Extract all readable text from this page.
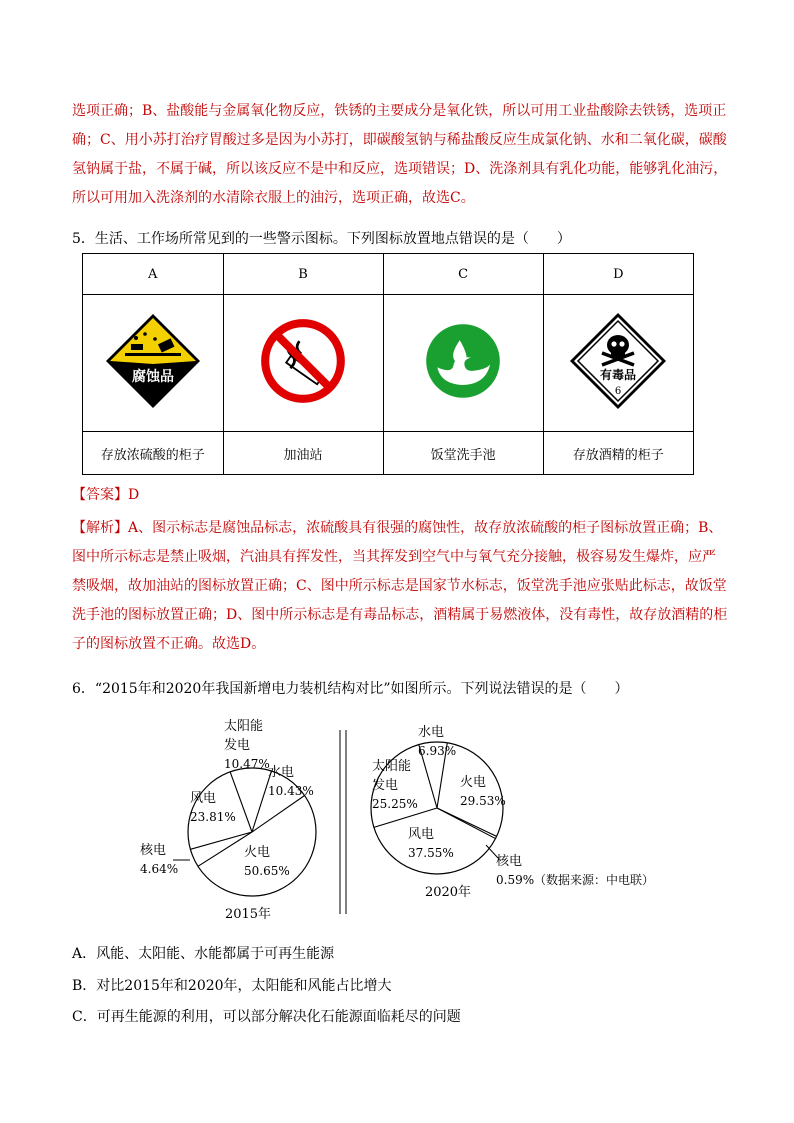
选项正确；B、盐酸能与金属氧化物反应，铁锈的主要成分是氧化铁，所以可用工业盐酸除去铁锈，选项正
确；C、用小苏打治疗胃酸过多是因为小苏打，即碳酸氢钠与稀盐酸反应生成氯化钠、水和二氧化碳，碳酸
氢钠属于盐，不属于碱，所以该反应不是中和反应，选项错误；D、洗涤剂具有乳化功能，能够乳化油污，
所以可用加入洗涤剂的水清除衣服上的油污，选项正确，故选C。
5．生活、工作场所常见到的一些警示图标。下列图标放置地点错误的是（　　）
A	B	C	D

腐蚀品			有毒品
6

存放浓硫酸的柜子	加油站	饭堂洗手池	存放酒精的柜子
【答案】D
【解析】A、图示标志是腐蚀品标志，浓硫酸具有很强的腐蚀性，故存放浓硫酸的柜子图标放置正确；B、
图中所示标志是禁止吸烟，汽油具有挥发性，当其挥发到空气中与氧气充分接触，极容易发生爆炸，应严
禁吸烟，故加油站的图标放置正确；C、图中所示标志是国家节水标志，饭堂洗手池应张贴此标志，故饭堂
洗手池的图标放置正确；D、图中所示标志是有毒品标志，酒精属于易燃液体，没有毒性，故存放酒精的柜
子的图标放置不正确。故选D。
6．“2015年和2020年我国新增电力装机结构对比”如图所示。下列说法错误的是（　　）
太阳能
发电
10.47%
水电
10.43%
火电
50.65%
核电
4.64%
风电
23.81%
2015年
水电
6.93%
火电
29.53%
核电
0.59%
风电
37.55%
太阳能
发电
25.25%
2020年
（数据来源：中电联）
A．风能、太阳能、水能都属于可再生能源
B．对比2015年和2020年，太阳能和风能占比增大
C．可再生能源的利用，可以部分解决化石能源面临耗尽的问题
